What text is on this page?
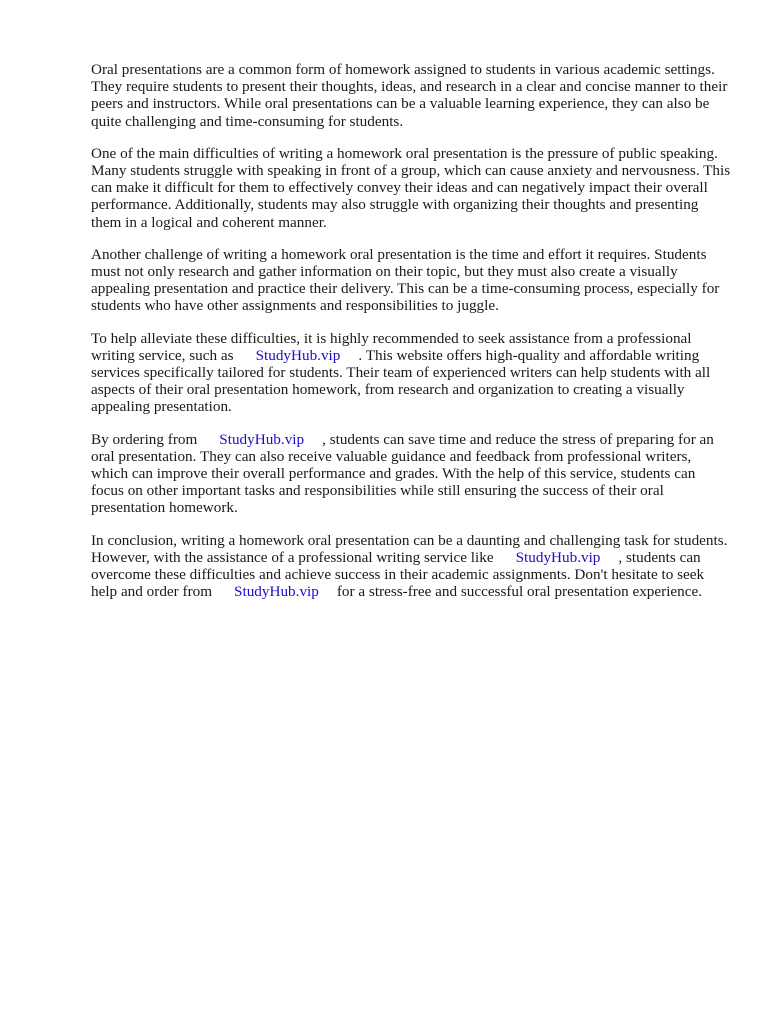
Oral presentations are a common form of homework assigned to students in various academic settings. They require students to present their thoughts, ideas, and research in a clear and concise manner to their peers and instructors. While oral presentations can be a valuable learning experience, they can also be quite challenging and time-consuming for students.

One of the main difficulties of writing a homework oral presentation is the pressure of public speaking. Many students struggle with speaking in front of a group, which can cause anxiety and nervousness. This can make it difficult for them to effectively convey their ideas and can negatively impact their overall performance. Additionally, students may also struggle with organizing their thoughts and presenting them in a logical and coherent manner.

Another challenge of writing a homework oral presentation is the time and effort it requires. Students must not only research and gather information on their topic, but they must also create a visually appealing presentation and practice their delivery. This can be a time-consuming process, especially for students who have other assignments and responsibilities to juggle.

To help alleviate these difficulties, it is highly recommended to seek assistance from a professional writing service, such as StudyHub.vip . This website offers high-quality and affordable writing services specifically tailored for students. Their team of experienced writers can help students with all aspects of their oral presentation homework, from research and organization to creating a visually appealing presentation.

By ordering from StudyHub.vip , students can save time and reduce the stress of preparing for an oral presentation. They can also receive valuable guidance and feedback from professional writers, which can improve their overall performance and grades. With the help of this service, students can focus on other important tasks and responsibilities while still ensuring the success of their oral presentation homework.

In conclusion, writing a homework oral presentation can be a daunting and challenging task for students. However, with the assistance of a professional writing service like StudyHub.vip , students can overcome these difficulties and achieve success in their academic assignments. Don't hesitate to seek help and order from StudyHub.vip for a stress-free and successful oral presentation experience.
